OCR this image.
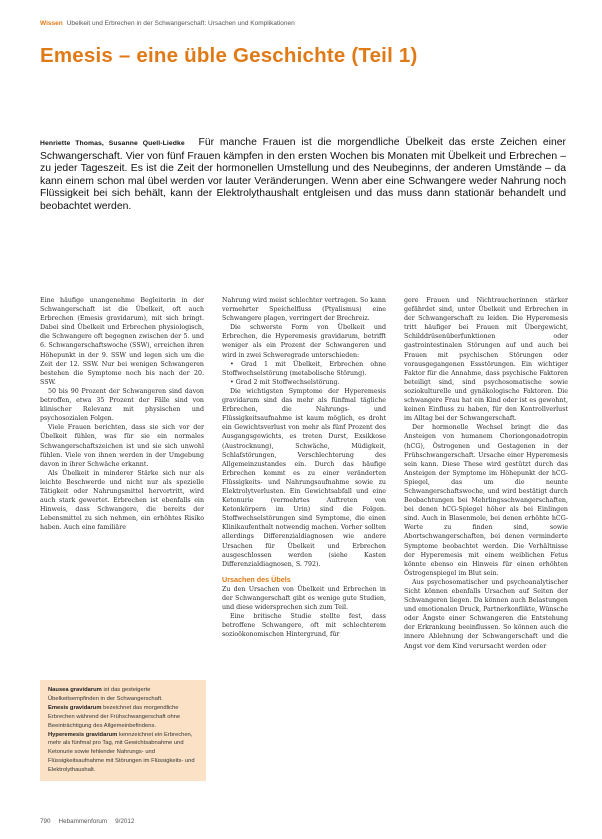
Wissen Übelkeit und Erbrechen in der Schwangerschaft: Ursachen und Komplikationen
Emesis – eine üble Geschichte (Teil 1)
Henriette Thomas, Susanne Quell-Liedke Für manche Frauen ist die morgendliche Übelkeit das erste Zeichen einer Schwangerschaft. Vier von fünf Frauen kämpfen in den ersten Wochen bis Monaten mit Übelkeit und Erbrechen – zu jeder Tageszeit. Es ist die Zeit der hormonellen Umstellung und des Neubeginns, der anderen Umstände – da kann einem schon mal übel werden vor lauter Veränderungen. Wenn aber eine Schwangere weder Nahrung noch Flüssigkeit bei sich behält, kann der Elektrolythaushalt entgleisen und das muss dann stationär behandelt und beobachtet werden.

Eine häufige unangenehme Begleiterin in der Schwangerschaft ist die Übelkeit, oft auch Erbrechen (Emesis gravidarum), mit sich bringt. Dabei sind Übelkeit und Erbrechen physiologisch, die Schwangere oft begegnen zwischen der 5. und 6. Schwangerschaftswoche (SSW), erreichen ihren Höhepunkt in der 9. SSW und legen sich um die Zeit der 12. SSW. Nur bei wenigen Schwangeren bestehen die Symptome noch bis nach der 20. SSW.

50 bis 90 Prozent der Schwangeren sind davon betroffen, etwa 35 Prozent der Fälle sind von klinischer Relevanz mit physischen und psychosozialen Folgen.

Viele Frauen berichten, dass sie sich vor der Übelkeit fühlen, was für sie ein normales Schwangerschaftszeichen ist und sie sich unwohl fühlen. Viele von ihnen werden in der Umgebung davon in ihrer Schwäche erkannt.

Als Übelkeit in minderer Stärke sich nur als leichte Beschwerde und nicht nur als spezielle Tätigkeit oder Nahrungsmittel hervortritt, wird auch stark gewertet. Erbrechen ist ebenfalls ein Hinweis, dass Schwangere, die bereits der Lebensmittel zu sich nehmen, ein erhöhtes Risiko haben. Auch eine familiäre

Nausea gravidarum ist das gesteigerte Übelkeitsempfinden in der Schwangerschaft.

Emesis gravidarum bezeichnet das morgendliche Erbrechen während der Frühschwangerschaft ohne Beeinträchtigung des Allgemeinbefindens.

Hyperemesis gravidarum kennzeichnet ein Erbrechen, mehr als fünfmal pro Tag, mit Gewichtsabnahme und Ketonurie sowie fehlender Nahrungs- und Flüssigkeitsaufnahme mit Störungen im Flüssigkeits- und Elektrolythaushalt.

Nahrung wird meist schlechter vertragen. So kann vermehrter Speichelfluss (Ptyalismus) eine Schwangere plagen, verringert der Brechreiz.

Die schwerste Form von Übelkeit und Erbrechen, die Hyperemesis gravidarum, betrifft weniger als ein Prozent der Schwangeren und wird in zwei Schweregrade unterschieden:

• Grad 1 mit Übelkeit, Erbrechen ohne Stoffwechselstörung (metabolische Störung).

• Grad 2 mit Stoffwechselstörung.

Die wichtigsten Symptome der Hyperemesis gravidarum sind das mehr als fünfmal tägliche Erbrechen, die Nahrungs- und Flüssigkeitsaufnahme ist kaum möglich, es droht ein Gewichtsverlust von mehr als fünf Prozent des Ausgangsgewichts, es treten Durst, Exsikkose (Austrocknung), Schwäche, Müdigkeit, Schlafstörungen, Verschlechterung des Allgemeinzustandes ein. Durch das häufige Erbrechen kommt es zu einer veränderten Flüssigkeits- und Nahrungsaufnahme sowie zu Elektrolytverlusten. Ein Gewichtsabfall und eine Ketonurie (vermehrtes Auftreten von Ketonkörpern im Urin) sind die Folgen. Stoffwechselstörungen sind Symptome, die einen Klinikaufenthalt notwendig machen. Vorher sollten allerdings Differenzialdiagnosen wie andere Ursachen für Übelkeit und Erbrechen ausgeschlossen werden (siehe Kasten Differenzialdiagnosen, S. 792).

Ursachen des Übels

Zu den Ursachen von Übelkeit und Erbrechen in der Schwangerschaft gibt es wenige gute Studien, und diese widersprechen sich zum Teil.

Eine britische Studie stellte fest, dass betroffene Schwangere, oft mit schlechterem sozioökonomischen Hintergrund, für

gere Frauen und Nichtraucherinnen stärker gefährdet sind, unter Übelkeit und Erbrechen in der Schwangerschaft zu leiden. Die Hyperemesis tritt häufiger bei Frauen mit Übergewicht, Schilddrüsenüberfunktionen oder gastrointestinalen Störungen auf und auch bei Frauen mit psychischen Störungen oder vorausgegangenen Essstörungen. Ein wichtiger Faktor für die Annahme, dass psychische Faktoren beteiligt sind, sind psychosomatische sowie soziokulturelle und gynäkologische Faktoren. Die schwangere Frau hat ein Kind oder ist es gewohnt, keinen Einfluss zu haben, für den Kontrollverlust im Alltag bei der Schwangerschaft.

Der hormonelle Wechsel bringt die das Ansteigen von humanem Choriongonadotropin (hCG), Östrogenen und Gestagenen in der Frühschwangerschaft. Ursache einer Hyperemesis sein kann. Diese These wird gestützt durch das Ansteigen der Symptome im Höhepunkt der hCG-Spiegel, das um die neunte Schwangerschaftswoche, und wird bestätigt durch Beobachtungen bei Mehrlingsschwangerschaften, bei denen hCG-Spiegel höher als bei Einlingen sind. Auch in Blasenmole, bei denen erhöhte hCG-Werte zu finden sind, sowie Abortschwangerschaften, bei denen verminderte Symptome beobachtet werden. Die Verhältnisse der Hyperemesis mit einem weiblichen Fetus könnte ebenso ein Hinweis für einen erhöhten Östrogenspiegel im Blut sein.

Aus psychosomatischer und psychoanalytischer Sicht können ebenfalls Ursachen auf Seiten der Schwangeren liegen. Da können auch Belastungen und emotionalen Druck, Partnerkonflikte, Wünsche oder Ängste einer Schwangeren die Entstehung der Erkrankung beeinflussen. So können auch die innere Ablehnung der Schwangerschaft und die Angst vor dem Kind verursacht werden oder

790 Hebammenforum 9/2012
